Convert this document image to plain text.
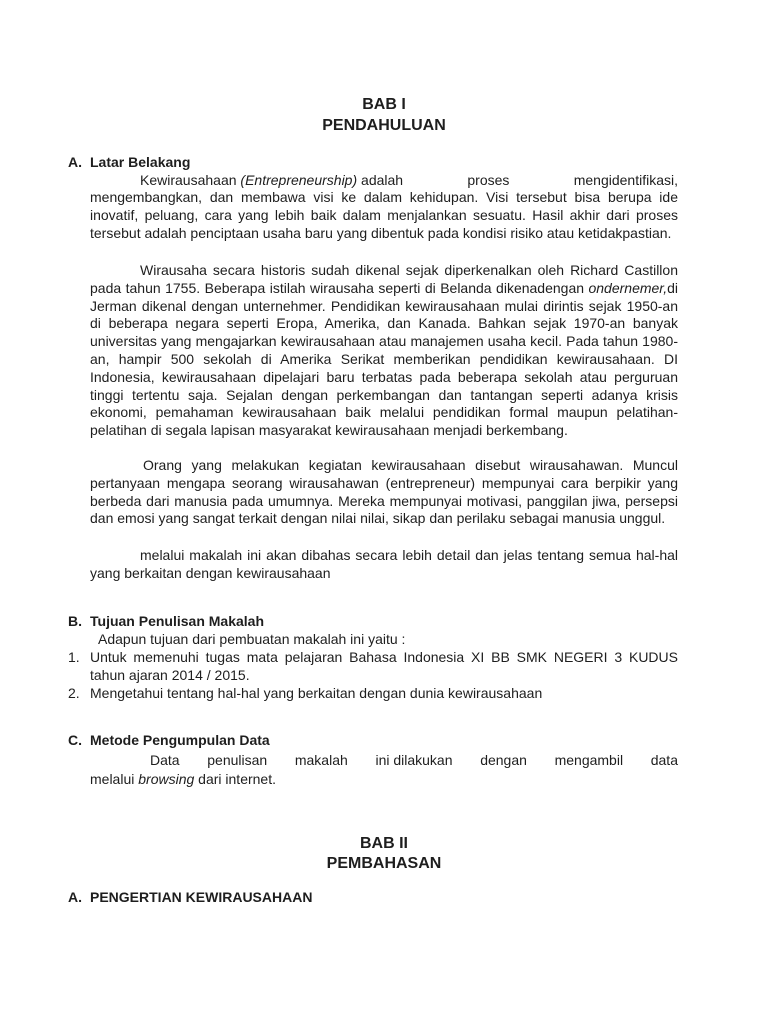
BAB I
PENDAHULUAN
A. Latar Belakang
Kewirausahaan (Entrepreneurship) adalah	proses	mengidentifikasi,

mengembangkan, dan membawa visi ke dalam kehidupan. Visi tersebut bisa berupa ide inovatif, peluang, cara yang lebih baik dalam menjalankan sesuatu. Hasil akhir dari proses tersebut adalah penciptaan usaha baru yang dibentuk pada kondisi risiko atau ketidakpastian.

Wirausaha secara historis sudah dikenal sejak diperkenalkan oleh Richard Castillon pada tahun 1755. Beberapa istilah wirausaha seperti di Belanda dikenadengan ondernemer,di Jerman dikenal dengan unternehmer. Pendidikan kewirausahaan mulai dirintis sejak 1950-an di beberapa negara seperti Eropa, Amerika, dan Kanada. Bahkan sejak 1970-an banyak universitas yang mengajarkan kewirausahaan atau manajemen usaha kecil. Pada tahun 1980-an, hampir 500 sekolah di Amerika Serikat memberikan pendidikan kewirausahaan. DI Indonesia, kewirausahaan dipelajari baru terbatas pada beberapa sekolah atau perguruan tinggi tertentu saja. Sejalan dengan perkembangan dan tantangan seperti adanya krisis ekonomi, pemahaman kewirausahaan baik melalui pendidikan formal maupun pelatihan-pelatihan di segala lapisan masyarakat kewirausahaan menjadi berkembang.

Orang yang melakukan kegiatan kewirausahaan disebut wirausahawan. Muncul pertanyaan mengapa seorang wirausahawan (entrepreneur) mempunyai cara berpikir yang berbeda dari manusia pada umumnya. Mereka mempunyai motivasi, panggilan jiwa, persepsi dan emosi yang sangat terkait dengan nilai nilai, sikap dan perilaku sebagai manusia unggul.

melalui makalah ini akan dibahas secara lebih detail dan jelas tentang semua hal-hal yang berkaitan dengan kewirausahaan

B. Tujuan Penulisan Makalah
Adapun tujuan dari pembuatan makalah ini yaitu :
1. Untuk memenuhi tugas mata pelajaran Bahasa Indonesia XI BB SMK NEGERI 3 KUDUS tahun ajaran 2014 / 2015.
2. Mengetahui tentang hal-hal yang berkaitan dengan dunia kewirausahaan
C. Metode Pengumpulan Data
Data penulisan makalah ini dilakukan dengan mengambil data
melalui browsing dari internet.
BAB II
PEMBAHASAN
A. PENGERTIAN KEWIRAUSAHAAN
